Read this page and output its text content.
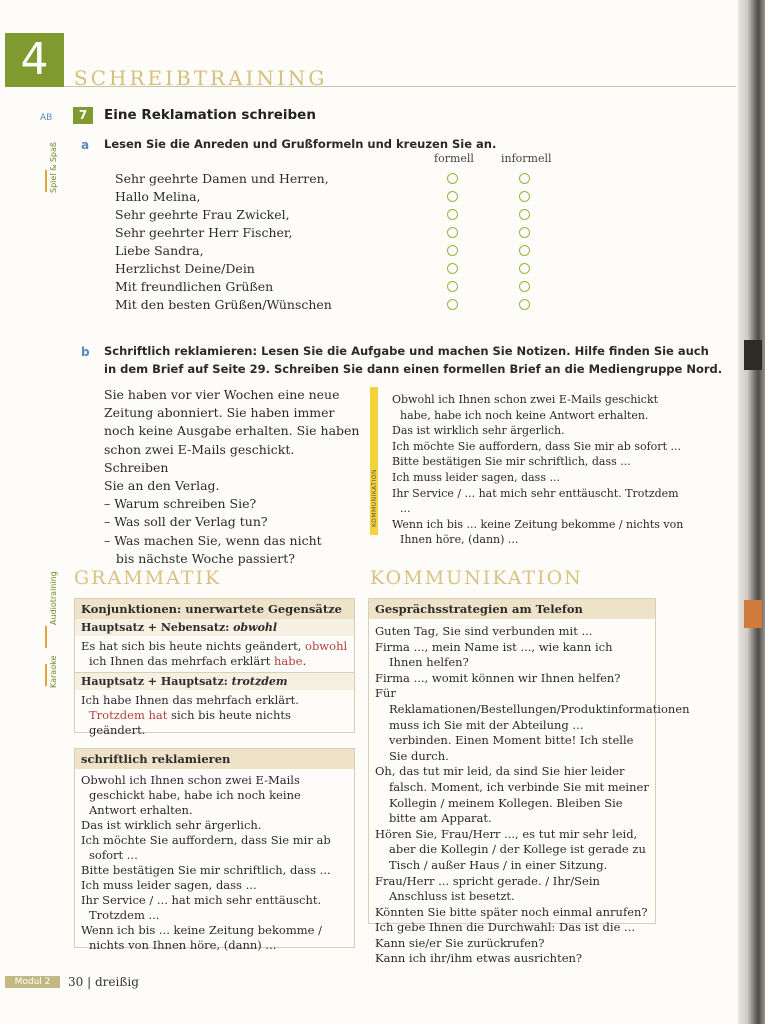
4	SCHREIBTRAINING
AB
Spiel & Spaß
Audiotraining
Karaoke
7	Eine Reklamation schreiben
a Lesen Sie die Anreden und Grußformeln und kreuzen Sie an.
formell informell
Sehr geehrte Damen und Herren,
Hallo Melina,
Sehr geehrte Frau Zwickel,
Sehr geehrter Herr Fischer,
Liebe Sandra,
Herzlichst Deine/Dein
Mit freundlichen Grüßen
Mit den besten Grüßen/Wünschen
b Schriftlich reklamieren: Lesen Sie die Aufgabe und machen Sie Notizen. Hilfe finden Sie auch
in dem Brief auf Seite 29. Schreiben Sie dann einen formellen Brief an die Mediengruppe Nord.
Sie haben vor vier Wochen eine neue
Zeitung abonniert. Sie haben immer
noch keine Ausgabe erhalten. Sie haben
schon zwei E-Mails geschickt. Schreiben
Sie an den Verlag.
– Warum schreiben Sie?
– Was soll der Verlag tun?
– Was machen Sie, wenn das nicht
bis nächste Woche passiert?
KOMMUNIKATION
Obwohl ich Ihnen schon zwei E-Mails geschickt habe, habe ich noch keine Antwort erhalten.
Das ist wirklich sehr ärgerlich.
Ich möchte Sie auffordern, dass Sie mir ab sofort ...
Bitte bestätigen Sie mir schriftlich, dass ...
Ich muss leider sagen, dass ...
Ihr Service / ... hat mich sehr enttäuscht. Trotzdem ...
Wenn ich bis ... keine Zeitung bekomme / nichts von Ihnen höre, (dann) ...
GRAMMATIK
Konjunktionen: unerwartete Gegensätze
Hauptsatz + Nebensatz: obwohl
Es hat sich bis heute nichts geändert, obwohl ich Ihnen das mehrfach erklärt habe.
Hauptsatz + Hauptsatz: trotzdem
Ich habe Ihnen das mehrfach erklärt. Trotzdem hat sich bis heute nichts geändert.
schriftlich reklamieren
Obwohl ich Ihnen schon zwei E-Mails geschickt habe, habe ich noch keine Antwort erhalten.
Das ist wirklich sehr ärgerlich.
Ich möchte Sie auffordern, dass Sie mir ab sofort ...
Bitte bestätigen Sie mir schriftlich, dass ...
Ich muss leider sagen, dass ...
Ihr Service / ... hat mich sehr enttäuscht. Trotzdem ...
Wenn ich bis ... keine Zeitung bekomme / nichts von Ihnen höre, (dann) ...
KOMMUNIKATION
Gesprächsstrategien am Telefon
Guten Tag, Sie sind verbunden mit ...
Firma ..., mein Name ist ..., wie kann ich Ihnen helfen?
Firma ..., womit können wir Ihnen helfen?
Für Reklamationen/Bestellungen/Produktinformationen muss ich Sie mit der Abteilung ... verbinden. Einen Moment bitte! Ich stelle Sie durch.
Oh, das tut mir leid, da sind Sie hier leider falsch. Moment, ich verbinde Sie mit meiner Kollegin / meinem Kollegen. Bleiben Sie bitte am Apparat.
Hören Sie, Frau/Herr ..., es tut mir sehr leid, aber die Kollegin / der Kollege ist gerade zu Tisch / außer Haus / in einer Sitzung.
Frau/Herr ... spricht gerade. / Ihr/Sein Anschluss ist besetzt.
Könnten Sie bitte später noch einmal anrufen?
Ich gebe Ihnen die Durchwahl: Das ist die ...
Kann sie/er Sie zurückrufen?
Kann ich ihr/ihm etwas ausrichten?
Modul 2	30 | dreißig
